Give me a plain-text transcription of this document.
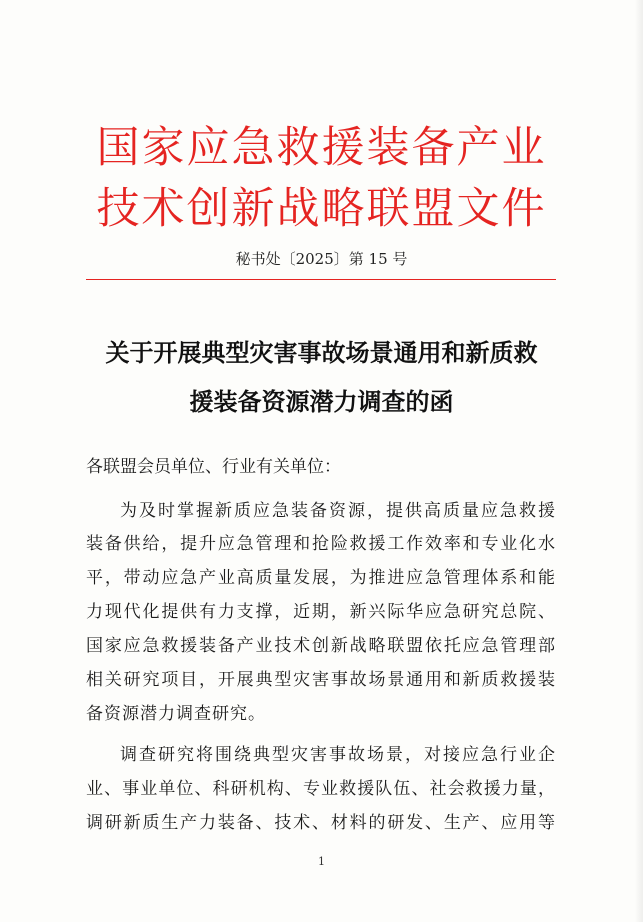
国家应急救援装备产业
技术创新战略联盟文件
秘书处〔2025〕第 15 号
关于开展典型灾害事故场景通用和新质救
援装备资源潜力调查的函
各联盟会员单位、行业有关单位：
为及时掌握新质应急装备资源，提供高质量应急救援
装备供给，提升应急管理和抢险救援工作效率和专业化水
平，带动应急产业高质量发展，为推进应急管理体系和能
力现代化提供有力支撑，近期，新兴际华应急研究总院、
国家应急救援装备产业技术创新战略联盟依托应急管理部
相关研究项目，开展典型灾害事故场景通用和新质救援装
备资源潜力调查研究。
调查研究将围绕典型灾害事故场景，对接应急行业企
业、事业单位、科研机构、专业救援队伍、社会救援力量，
调研新质生产力装备、技术、材料的研发、生产、应用等
1
